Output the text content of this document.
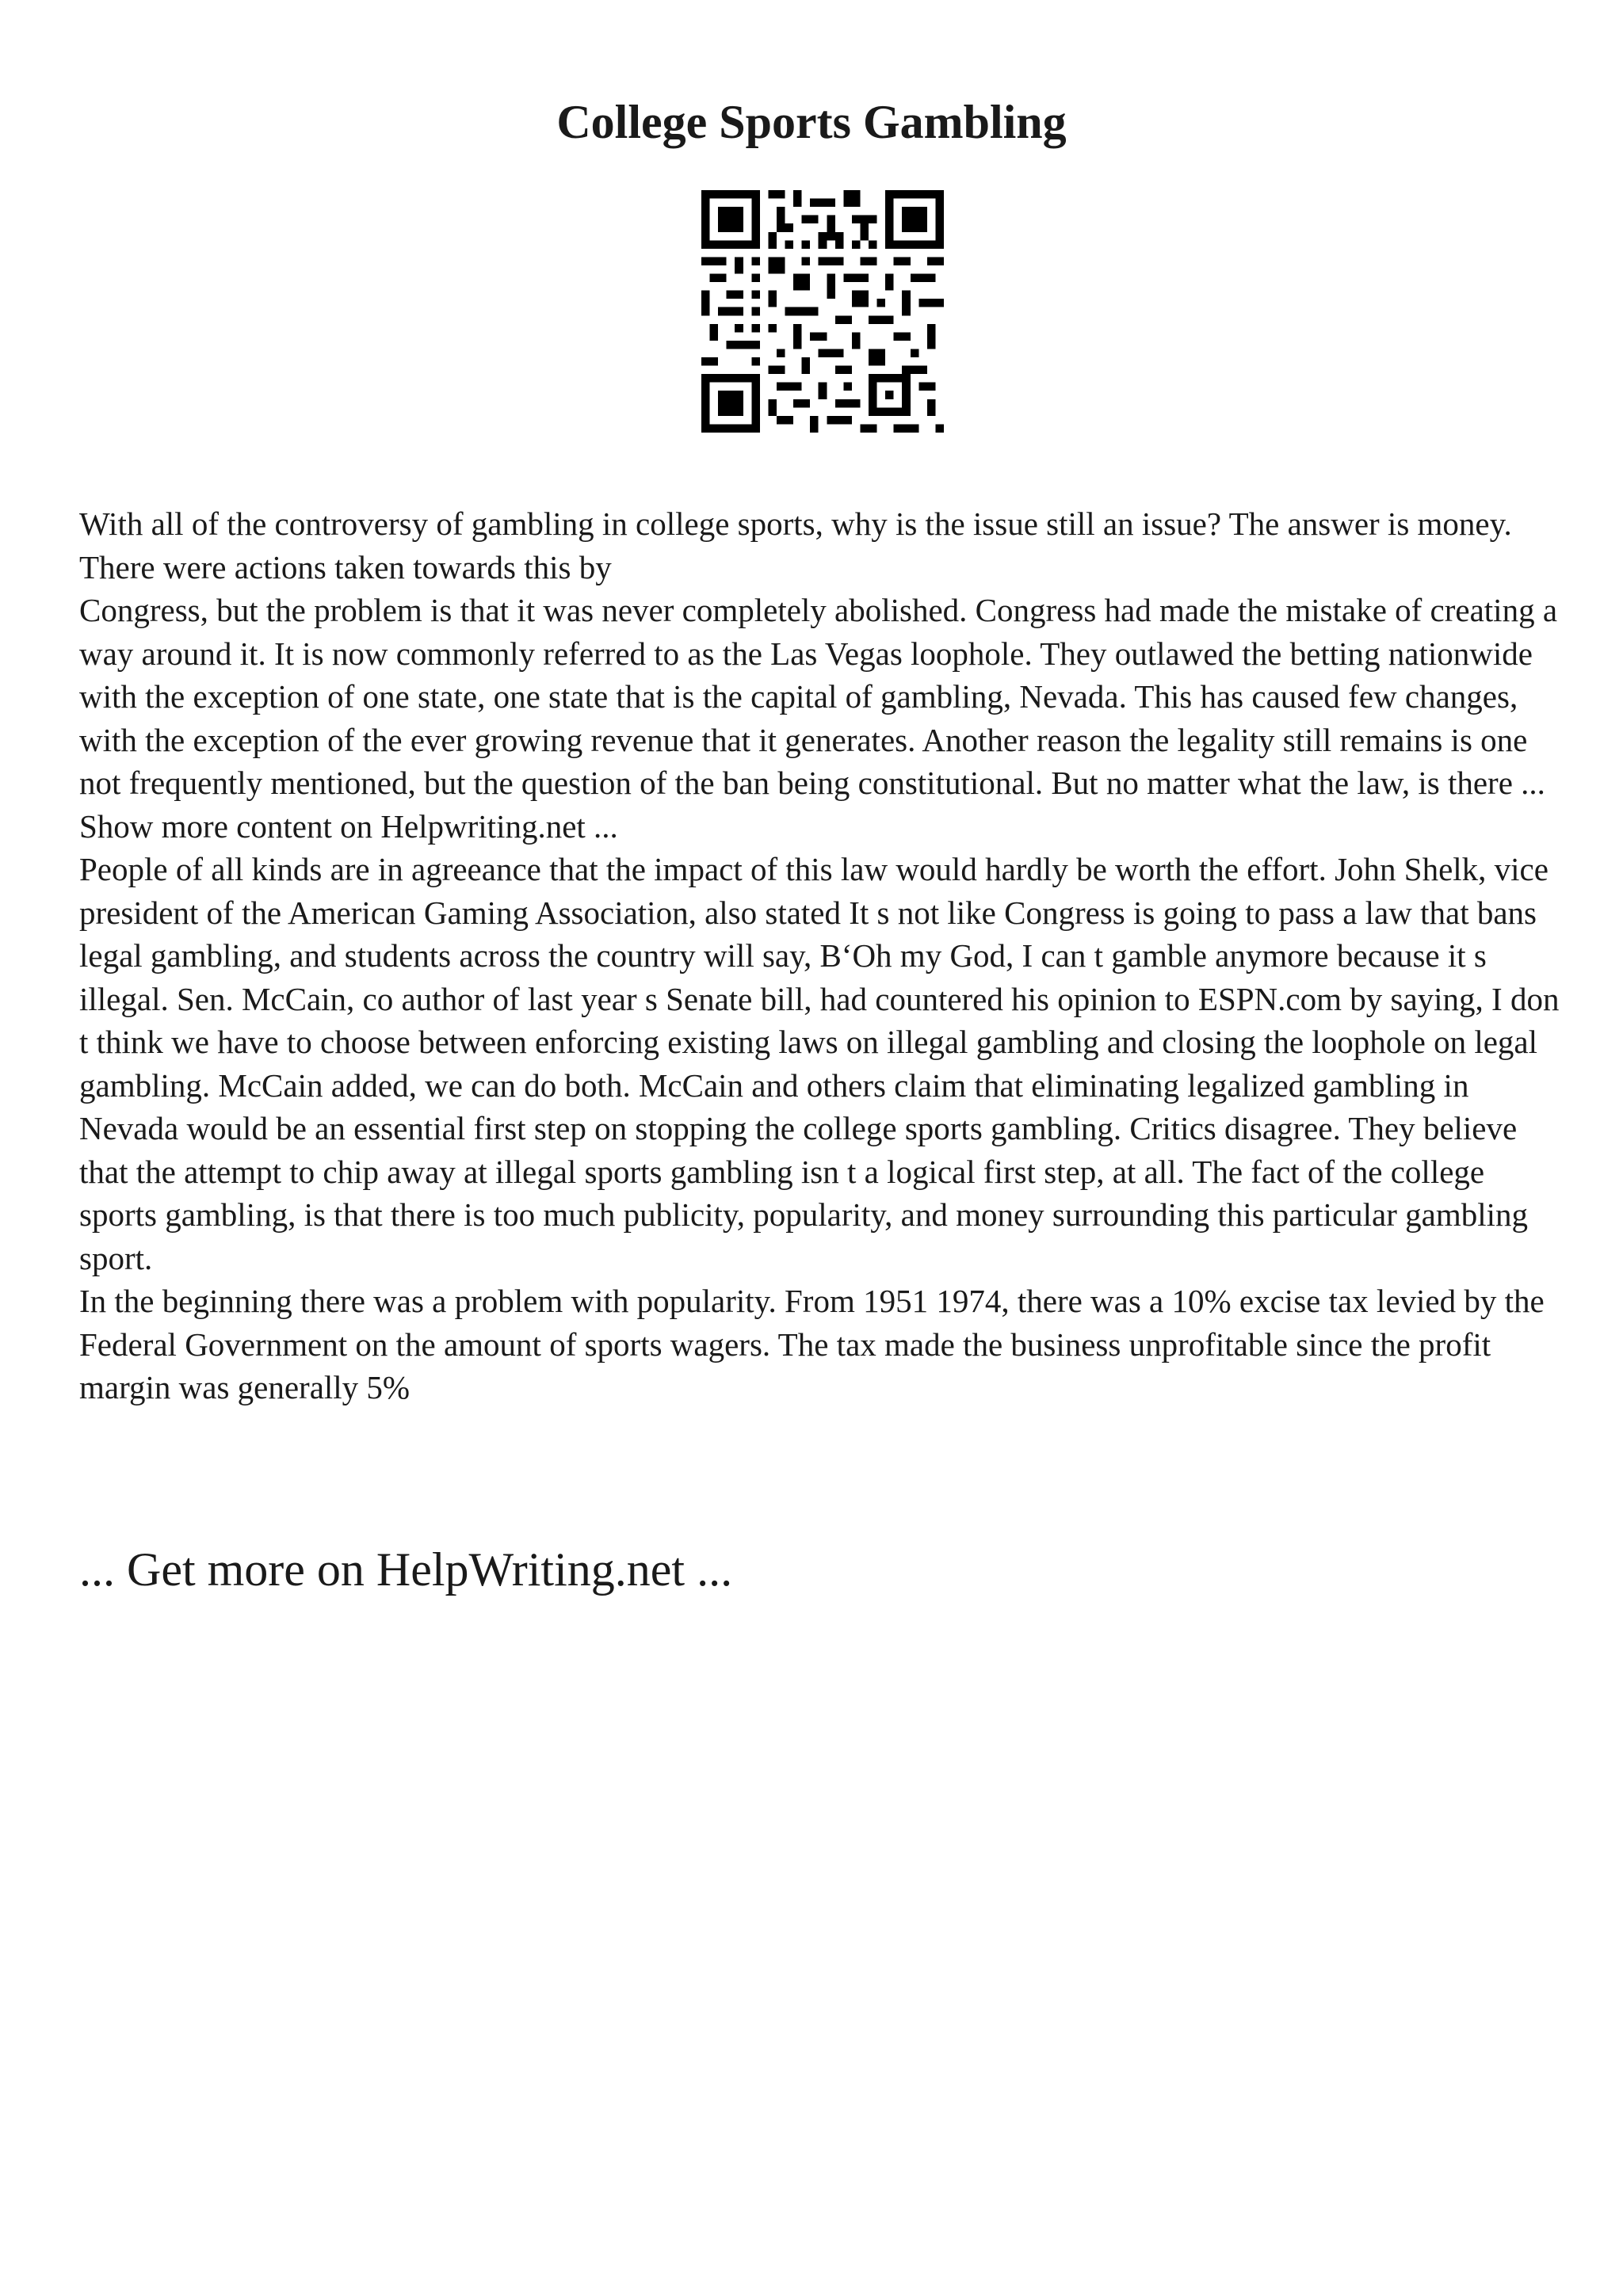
College Sports Gambling

With all of the controversy of gambling in college sports, why is the issue still an issue? The answer is money. There were actions taken towards this by

Congress, but the problem is that it was never completely abolished. Congress had made the mistake of creating a way around it. It is now commonly referred to as the Las Vegas loophole. They outlawed the betting nationwide with the exception of one state, one state that is the capital of gambling, Nevada. This has caused few changes, with the exception of the ever growing revenue that it generates. Another reason the legality still remains is one not frequently mentioned, but the question of the ban being constitutional. But no matter what the law, is there ... Show more content on Helpwriting.net ...

People of all kinds are in agreeance that the impact of this law would hardly be worth the effort. John Shelk, vice president of the American Gaming Association, also stated It s not like Congress is going to pass a law that bans legal gambling, and students across the country will say, B‘Oh my God, I can t gamble anymore because it s illegal. Sen. McCain, co author of last year s Senate bill, had countered his opinion to ESPN.com by saying, I don t think we have to choose between enforcing existing laws on illegal gambling and closing the loophole on legal gambling. McCain added, we can do both. McCain and others claim that eliminating legalized gambling in Nevada would be an essential first step on stopping the college sports gambling. Critics disagree. They believe that the attempt to chip away at illegal sports gambling isn t a logical first step, at all. The fact of the college sports gambling, is that there is too much publicity, popularity, and money surrounding this particular gambling sport.

In the beginning there was a problem with popularity. From 1951 1974, there was a 10% excise tax levied by the Federal Government on the amount of sports wagers. The tax made the business unprofitable since the profit margin was generally 5%

... Get more on HelpWriting.net ...
